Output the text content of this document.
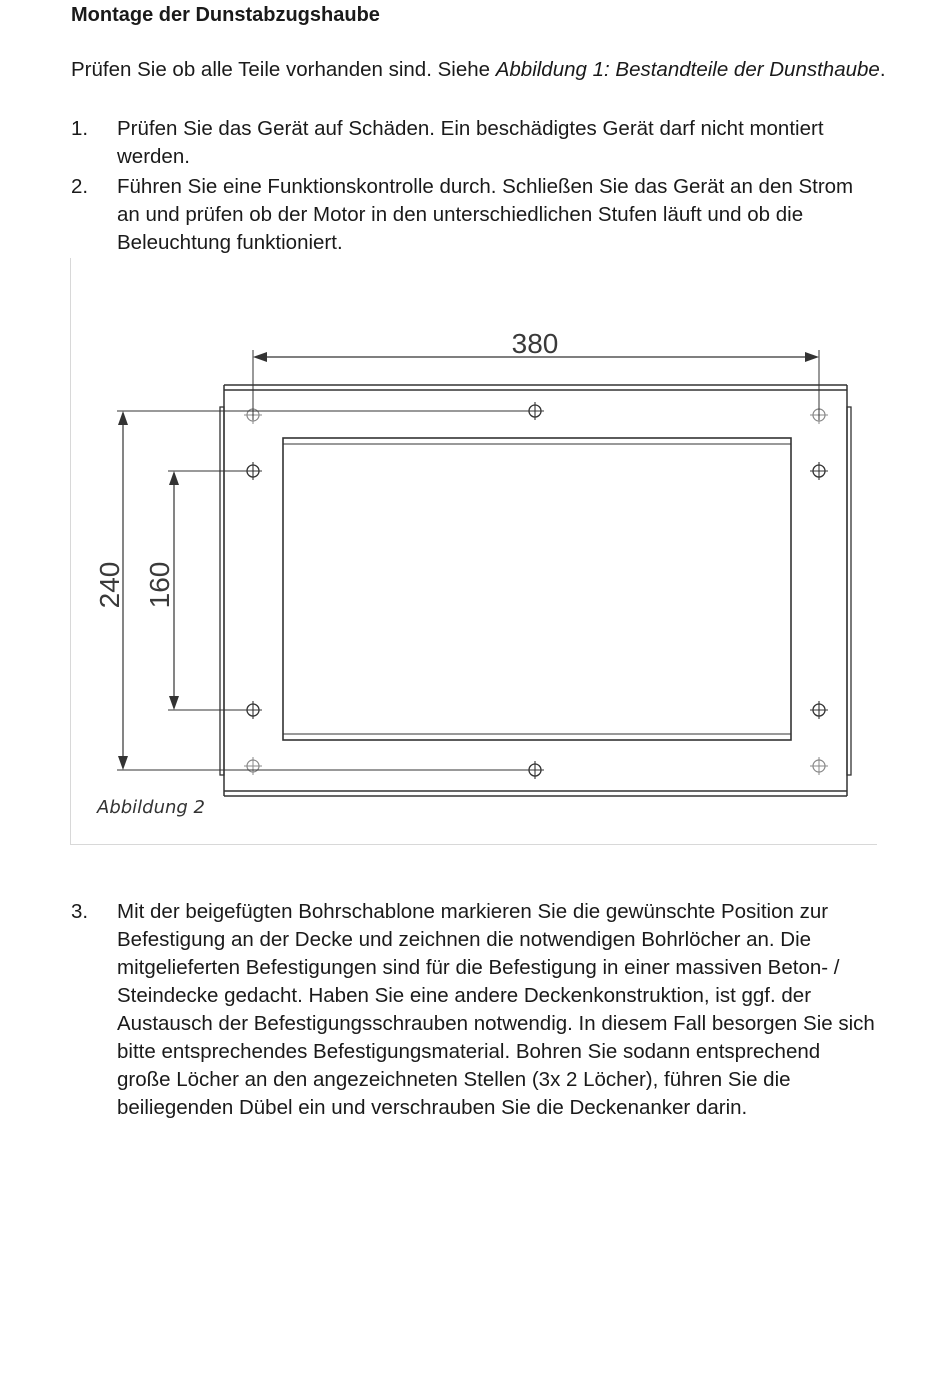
Montage der Dunstabzugshaube

Prüfen Sie ob alle Teile vorhanden sind. Siehe Abbildung 1: Bestandteile der Dunsthaube.

1. Prüfen Sie das Gerät auf Schäden. Ein beschädigtes Gerät darf nicht montiert werden.
2. Führen Sie eine Funktionskontrolle durch. Schließen Sie das Gerät an den Strom an und prüfen ob der Motor in den unterschiedlichen Stufen läuft und ob die Beleuchtung funktioniert.
380
240 160
Abbildung 2
3. Mit der beigefügten Bohrschablone markieren Sie die gewünschte Position zur Befestigung an der Decke und zeichnen die notwendigen Bohrlöcher an. Die mitgelieferten Befestigungen sind für die Befestigung in einer massiven Beton- / Steindecke gedacht. Haben Sie eine andere Deckenkonstruktion, ist ggf. der Austausch der Befestigungsschrauben notwendig. In diesem Fall besorgen Sie sich bitte entsprechendes Befestigungsmaterial. Bohren Sie sodann entsprechend große Löcher an den angezeichneten Stellen (3x 2 Löcher), führen Sie die beiliegenden Dübel ein und verschrauben Sie die Deckenanker darin.
